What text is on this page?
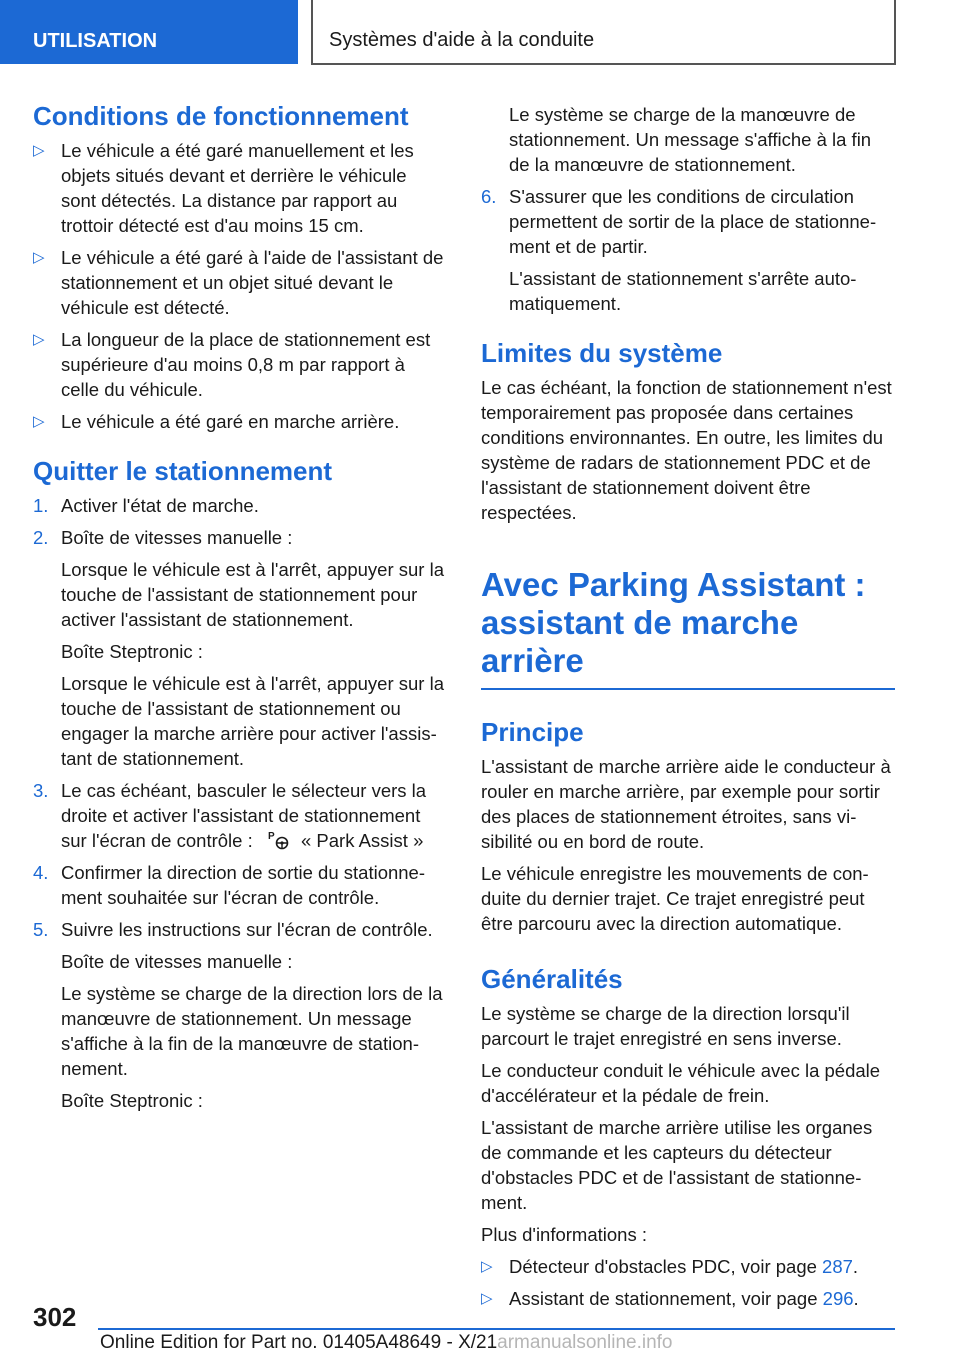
UTILISATION	Systèmes d'aide à la conduite
Conditions de fonctionnement
▷ Le véhicule a été garé manuellement et les objets situés devant et derrière le véhicule sont détectés. La distance par rapport au trottoir détecté est d'au moins 15 cm.
▷ Le véhicule a été garé à l'aide de l'assistant de stationnement et un objet situé devant le véhicule est détecté.
▷ La longueur de la place de stationnement est supérieure d'au moins 0,8 m par rapport à celle du véhicule.
▷ Le véhicule a été garé en marche arrière.
Quitter le stationnement
1. Activer l'état de marche.
2. Boîte de vitesses manuelle :
Lorsque le véhicule est à l'arrêt, appuyer sur la touche de l'assistant de stationnement pour activer l'assistant de stationnement.
Boîte Steptronic :
Lorsque le véhicule est à l'arrêt, appuyer sur la touche de l'assistant de stationnement ou engager la marche arrière pour activer l'assistant de stationnement.
3. Le cas échéant, basculer le sélecteur vers la droite et activer l'assistant de stationnement sur l'écran de contrôle : P « Park Assist »
4. Confirmer la direction de sortie du stationnement souhaitée sur l'écran de contrôle.
5. Suivre les instructions sur l'écran de contrôle.
Boîte de vitesses manuelle :
Le système se charge de la direction lors de la manœuvre de stationnement. Un message s'affiche à la fin de la manœuvre de stationnement.
Boîte Steptronic :

Le système se charge de la manœuvre de stationnement. Un message s'affiche à la fin de la manœuvre de stationnement.

6. S'assurer que les conditions de circulation permettent de sortir de la place de stationnement et de partir.
L'assistant de stationnement s'arrête automatiquement.
Limites du système

Le cas échéant, la fonction de stationnement n'est temporairement pas proposée dans certaines conditions environnantes. En outre, les limites du système de radars de stationnement PDC et de l'assistant de stationnement doivent être respectées.

Avec Parking Assistant :
assistant de marche arrière
Principe

L'assistant de marche arrière aide le conducteur à rouler en marche arrière, par exemple pour sortir des places de stationnement étroites, sans visibilité ou en bord de route.

Le véhicule enregistre les mouvements de conduite du dernier trajet. Ce trajet enregistré peut être parcouru avec la direction automatique.

Généralités

Le système se charge de la direction lorsqu'il parcourt le trajet enregistré en sens inverse.

Le conducteur conduit le véhicule avec la pédale d'accélérateur et la pédale de frein.

L'assistant de marche arrière utilise les organes de commande et les capteurs du détecteur d'obstacles PDC et de l'assistant de stationnement.

Plus d'informations :

▷ Détecteur d'obstacles PDC, voir page 287.
▷ Assistant de stationnement, voir page 296.
302
Online Edition for Part no. 01405A48649 - X/21armanualsonline.info
